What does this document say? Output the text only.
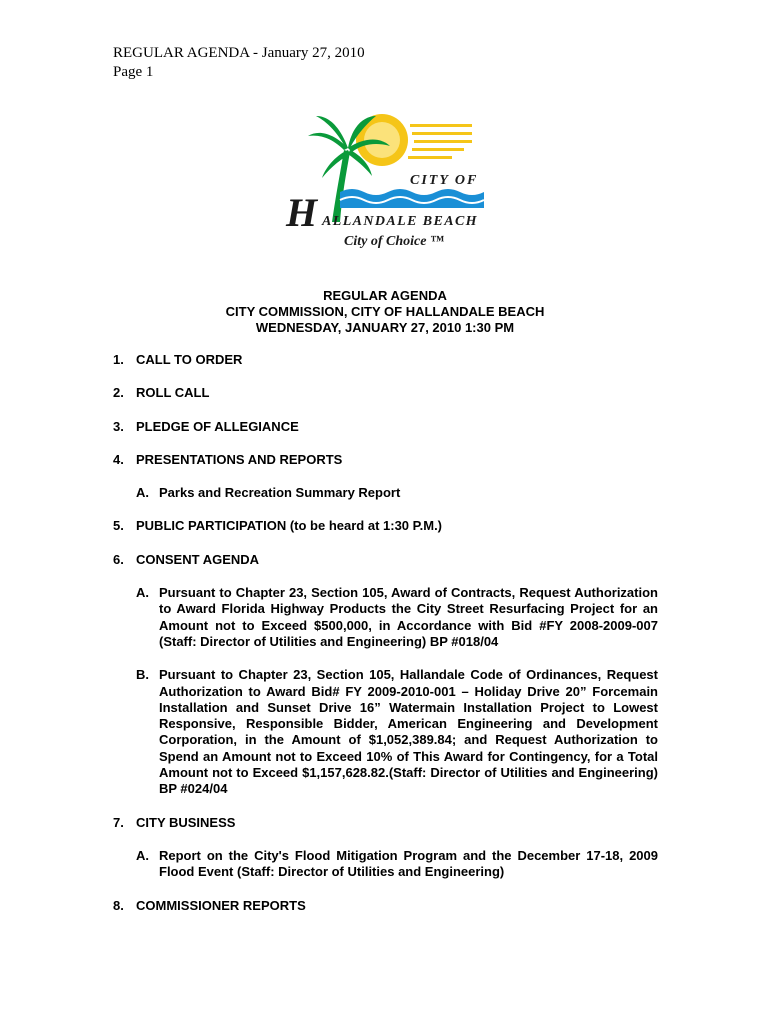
REGULAR AGENDA - January 27, 2010
Page 1
CITY OF
H ALLANDALE BEACH
City of Choice ™
REGULAR AGENDA
CITY COMMISSION, CITY OF HALLANDALE BEACH
WEDNESDAY, JANUARY 27, 2010 1:30 PM
1. CALL TO ORDER
2. ROLL CALL
3. PLEDGE OF ALLEGIANCE
4. PRESENTATIONS AND REPORTS
A. Parks and Recreation Summary Report
5. PUBLIC PARTICIPATION (to be heard at 1:30 P.M.)
6. CONSENT AGENDA
A. Pursuant to Chapter 23, Section 105, Award of Contracts, Request Authorization to Award Florida Highway Products the City Street Resurfacing Project for an Amount not to Exceed $500,000, in Accordance with Bid #FY 2008-2009-007 (Staff: Director of Utilities and Engineering) BP #018/04
B. Pursuant to Chapter 23, Section 105, Hallandale Code of Ordinances, Request Authorization to Award Bid# FY 2009-2010-001 – Holiday Drive 20” Forcemain Installation and Sunset Drive 16” Watermain Installation Project to Lowest Responsive, Responsible Bidder, American Engineering and Development Corporation, in the Amount of $1,052,389.84; and Request Authorization to Spend an Amount not to Exceed 10% of This Award for Contingency, for a Total Amount not to Exceed $1,157,628.82.(Staff: Director of Utilities and Engineering) BP #024/04
7. CITY BUSINESS
A. Report on the City's Flood Mitigation Program and the December 17-18, 2009 Flood Event (Staff: Director of Utilities and Engineering)
8. COMMISSIONER REPORTS
